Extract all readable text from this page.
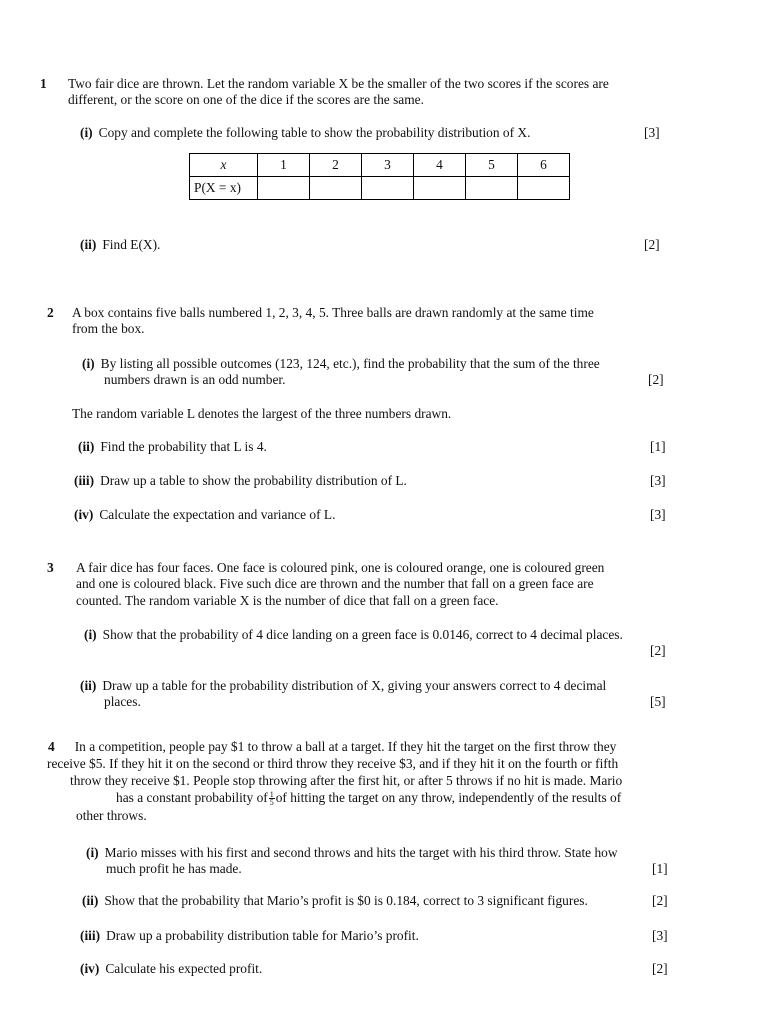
1 Two fair dice are thrown. Let the random variable X be the smaller of the two scores if the scores are
different, or the score on one of the dice if the scores are the same.
(i) Copy and complete the following table to show the probability distribution of X.	[3]
x	1	2	3	4	5	6
P(X = x)						
(ii) Find E(X).	[2]
2 A box contains five balls numbered 1, 2, 3, 4, 5. Three balls are drawn randomly at the same time
from the box.
(i) By listing all possible outcomes (123, 124, etc.), find the probability that the sum of the three
numbers drawn is an odd number.	[2]
The random variable L denotes the largest of the three numbers drawn.
(ii) Find the probability that L is 4.	[1]
(iii) Draw up a table to show the probability distribution of L.	[3]
(iv) Calculate the expectation and variance of L.	[3]
3 A fair dice has four faces. One face is coloured pink, one is coloured orange, one is coloured green
and one is coloured black. Five such dice are thrown and the number that fall on a green face are
counted. The random variable X is the number of dice that fall on a green face.
(i) Show that the probability of 4 dice landing on a green face is 0.0146, correct to 4 decimal places.
[2]
(ii) Draw up a table for the probability distribution of X, giving your answers correct to 4 decimal
places.	[5]
4 In a competition, people pay $1 to throw a ball at a target. If they hit the target on the first throw they
receive $5. If they hit it on the second or third throw they receive $3, and if they hit it on the fourth or fifth
throw they receive $1. People stop throwing after the first hit, or after 5 throws if no hit is made. Mario
has a constant probability of $\frac{1}{5}$ of hitting the target on any throw, independently of the results of
other throws.
(i) Mario misses with his first and second throws and hits the target with his third throw. State how
much profit he has made.	[1]
(ii) Show that the probability that Mario’s profit is $0 is 0.184, correct to 3 significant figures.	[2]
(iii) Draw up a probability distribution table for Mario’s profit.	[3]
(iv) Calculate his expected profit.	[2]
